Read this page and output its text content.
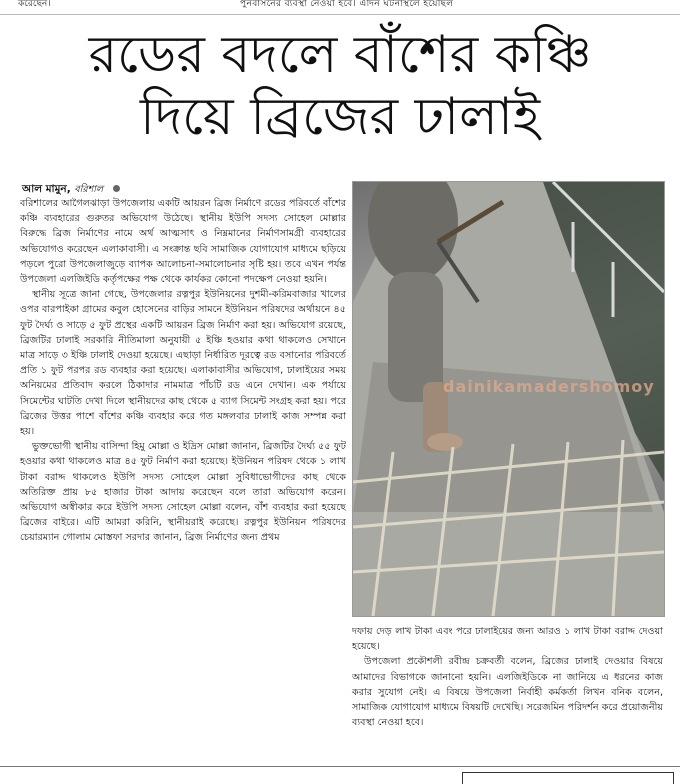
করেছেন।	পুনর্বাসনের ব্যবস্থা নেওয়া হবে। এদিন ঘটনাস্থলে হয়েছিল
রডের বদলে বাঁশের কঞ্চি
দিয়ে ব্রিজের ঢালাই
আল মামুন, বরিশাল

বরিশালের আগৈলঝাড়া উপজেলায় একটি আয়রন ব্রিজ নির্মাণে রডের পরিবর্তে বাঁশের কঞ্চি ব্যবহারের গুরুতর অভিযোগ উঠেছে। স্থানীয় ইউপি সদস্য সোহেল মোল্লার বিরুদ্ধে ব্রিজ নির্মাণের নামে অর্থ আত্মসাৎ ও নিম্নমানের নির্মাণসামগ্রী ব্যবহারের অভিযোগও করেছেন এলাকাবাসী। এ সংক্রান্ত ছবি সামাজিক যোগাযোগ মাধ্যমে ছড়িয়ে পড়লে পুরো উপজেলাজুড়ে ব্যাপক আলোচনা-সমালোচনার সৃষ্টি হয়। তবে এখন পর্যন্ত উপজেলা এলজিইডি কর্তৃপক্ষের পক্ষ থেকে কার্যকর কোনো পদক্ষেপ নেওয়া হয়নি।

স্থানীয় সূত্রে জানা গেছে, উপজেলার রত্নপুর ইউনিয়নের দুশমী-করিমবাজার খালের ওপর বারপাইকা গ্রামের কবুল হোসেনের বাড়ির সামনে ইউনিয়ন পরিষদের অর্থায়নে ৪৫ ফুট দৈর্ঘ্য ও সাড়ে ৫ ফুট প্রস্থের একটি আয়রন ব্রিজ নির্মাণ করা হয়। অভিযোগ রয়েছে, ব্রিজটির ঢালাই সরকারি নীতিমালা অনুযায়ী ৫ ইঞ্চি হওয়ার কথা থাকলেও সেখানে মাত্র সাড়ে ৩ ইঞ্চি ঢালাই দেওয়া হয়েছে। এছাড়া নির্ধারিত দূরত্বে রড বসানোর পরিবর্তে প্রতি ১ ফুট পরপর রড ব্যবহার করা হয়েছে। এলাকাবাসীর অভিযোগ, ঢালাইয়ের সময় অনিয়মের প্রতিবাদ করলে ঠিকাদার নামমাত্র পাঁচটি রড এনে দেখান। এক পর্যায়ে সিমেন্টের ঘাটতি দেখা দিলে স্থানীয়দের কাছ থেকে ৫ ব্যাগ সিমেন্ট সংগ্রহ করা হয়। পরে ব্রিজের উত্তর পাশে বাঁশের কঞ্চি ব্যবহার করে গত মঙ্গলবার ঢালাই কাজ সম্পন্ন করা হয়।

ভুক্তভোগী স্থানীয় বাসিন্দা হিমু মোল্লা ও ইদ্রিস মোল্লা জানান, ব্রিজটির দৈর্ঘ্য ৫৫ ফুট হওয়ার কথা থাকলেও মাত্র ৪৫ ফুট নির্মাণ করা হয়েছে। ইউনিয়ন পরিষদ থেকে ১ লাখ টাকা বরাদ্দ থাকলেও ইউপি সদস্য সোহেল মোল্লা সুবিধাভোগীদের কাছ থেকে অতিরিক্ত প্রায় ৮৫ হাজার টাকা আদায় করেছেন বলে তারা অভিযোগ করেন। অভিযোগ অস্বীকার করে ইউপি সদস্য সোহেল মোল্লা বলেন, বাঁশ ব্যবহার করা হয়েছে ব্রিজের বাইরে। এটি আমরা করিনি, স্থানীয়রাই করেছে। রত্নপুর ইউনিয়ন পরিষদের চেয়ারম্যান গোলাম মোস্তফা সরদার জানান, ব্রিজ নির্মাণের জন্য প্রথম

dainikamadershomoy

দফায় দেড় লাখ টাকা এবং পরে ঢালাইয়ের জন্য আরও ১ লাখ টাকা বরাদ্দ দেওয়া হয়েছে।

উপজেলা প্রকৌশলী রবীন্দ্র চক্রবর্তী বলেন, ব্রিজের ঢালাই দেওয়ার বিষয়ে আমাদের বিভাগকে জানানো হয়নি। এলজিইডিকে না জানিয়ে এ ধরনের কাজ করার সুযোগ নেই। এ বিষয়ে উপজেলা নির্বাহী কর্মকর্তা লিখন বনিক বলেন, সামাজিক যোগাযোগ মাধ্যমে বিষয়টি দেখেছি। সরেজমিন পরিদর্শন করে প্রয়োজনীয় ব্যবস্থা নেওয়া হবে।
